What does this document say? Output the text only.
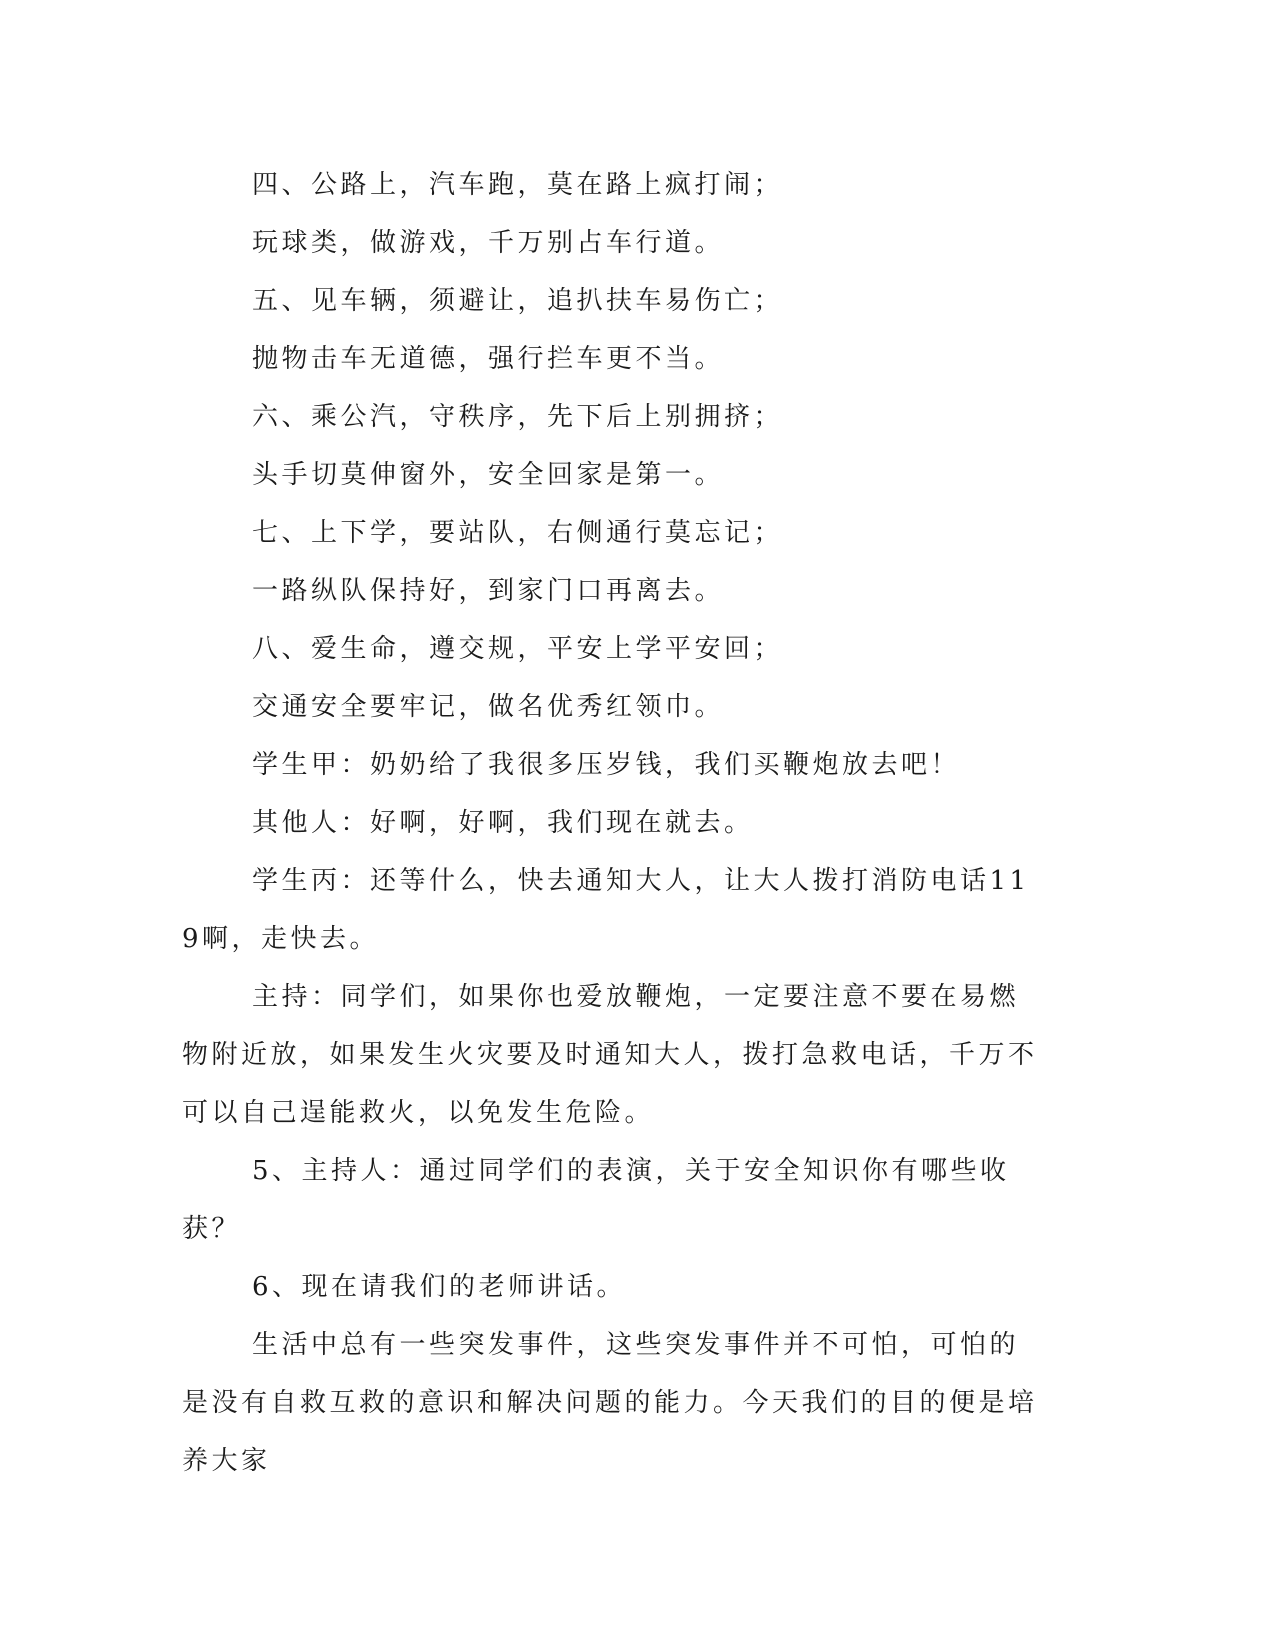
四、公路上，汽车跑，莫在路上疯打闹；

玩球类，做游戏，千万别占车行道。

五、见车辆，须避让，追扒扶车易伤亡；

抛物击车无道德，强行拦车更不当。

六、乘公汽，守秩序，先下后上别拥挤；

头手切莫伸窗外，安全回家是第一。

七、上下学，要站队，右侧通行莫忘记；

一路纵队保持好，到家门口再离去。

八、爱生命，遵交规，平安上学平安回；

交通安全要牢记，做名优秀红领巾。

学生甲：奶奶给了我很多压岁钱，我们买鞭炮放去吧！

其他人：好啊，好啊，我们现在就去。

学生丙：还等什么，快去通知大人，让大人拨打消防电话119啊，走快去。

主持：同学们，如果你也爱放鞭炮，一定要注意不要在易燃物附近放，如果发生火灾要及时通知大人，拨打急救电话，千万不可以自己逞能救火，以免发生危险。

5、主持人：通过同学们的表演，关于安全知识你有哪些收获？

6、现在请我们的老师讲话。

生活中总有一些突发事件，这些突发事件并不可怕，可怕的是没有自救互救的意识和解决问题的能力。今天我们的目的便是培养大家
